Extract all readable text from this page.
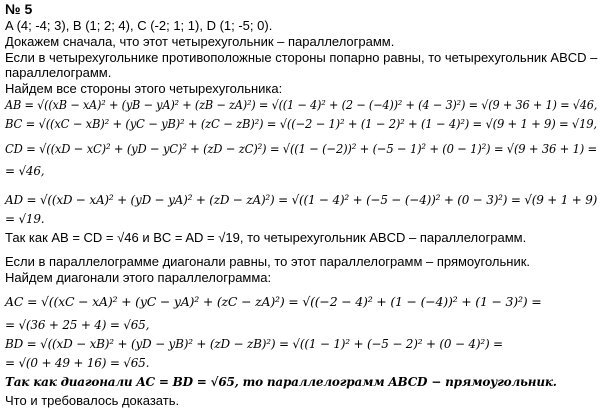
№ 5
A (4; -4; 3), B (1; 2; 4), C (-2; 1; 1), D (1; -5; 0).
Докажем сначала, что этот четырехугольник – параллелограмм.
Если в четырехугольнике противоположные стороны попарно равны, то четырехугольник ABCD –
параллелограмм.
Найдем все стороны этого четырехугольника:
AB = √((xB − xA)² + (yB − yA)² + (zB − zA)²) = √((1 − 4)² + (2 − (−4))² + (4 − 3)²) = √(9 + 36 + 1) = √46,
BC = √((xC − xB)² + (yC − yB)² + (zC − zB)²) = √((−2 − 1)² + (1 − 2)² + (1 − 4)²) = √(9 + 1 + 9) = √19,
CD = √((xD − xC)² + (yD − yC)² + (zD − zC)²) = √((1 − (−2))² + (−5 − 1)² + (0 − 1)²) = √(9 + 36 + 1) =
= √46,
AD = √((xD − xA)² + (yD − yA)² + (zD − zA)²) = √((1 − 4)² + (−5 − (−4))² + (0 − 3)²) = √(9 + 1 + 9)
= √19.
Так как AB = CD = √46 и BC = AD = √19, то четырехугольник ABCD – параллелограмм.
Если в параллелограмме диагонали равны, то этот параллелограмм – прямоугольник.
Найдем диагонали этого параллелограмма:
AC = √((xC − xA)² + (yC − yA)² + (zC − zA)²) = √((−2 − 4)² + (1 − (−4))² + (1 − 3)²) =
= √(36 + 25 + 4) = √65,
BD = √((xD − xB)² + (yD − yB)² + (zD − zB)²) = √((1 − 1)² + (−5 − 2)² + (0 − 4)²) =
= √(0 + 49 + 16) = √65.
Так как диагонали AC = BD = √65, то параллелограмм ABCD − прямоугольник.
Что и требовалось доказать.
